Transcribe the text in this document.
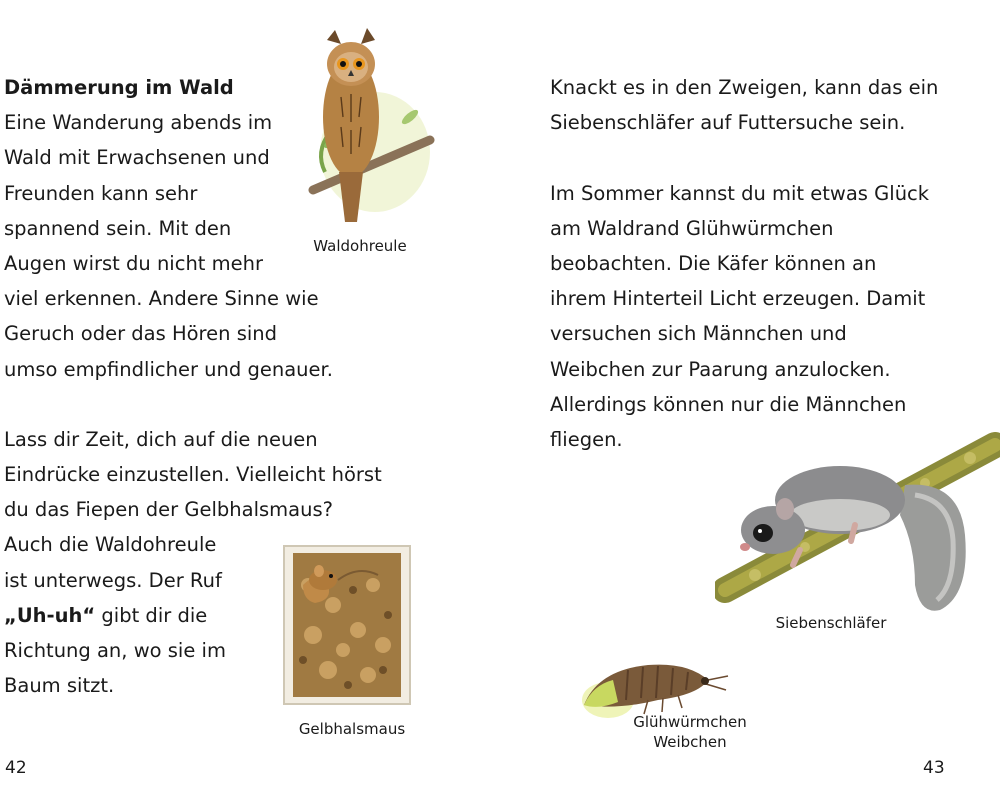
Dämmerung im Wald
Eine Wanderung abends im
Wald mit Erwachsenen und
Freunden kann sehr
spannend sein. Mit den
Augen wirst du nicht mehr
viel erkennen. Andere Sinne wie
Geruch oder das Hören sind
umso empfindlicher und genauer.
Lass dir Zeit, dich auf die neuen
Eindrücke einzustellen. Vielleicht hörst
du das Fiepen der Gelbhalsmaus?
Auch die Waldohreule
ist unterwegs. Der Ruf
„Uh-uh“ gibt dir die
Richtung an, wo sie im
Baum sitzt.
Waldohreule
Gelbhalsmaus
42
Knackt es in den Zweigen, kann das ein
Siebenschläfer auf Futtersuche sein.
Im Sommer kannst du mit etwas Glück
am Waldrand Glühwürmchen
beobachten. Die Käfer können an
ihrem Hinterteil Licht erzeugen. Damit
versuchen sich Männchen und
Weibchen zur Paarung anzulocken.
Allerdings können nur die Männchen
fliegen.
Siebenschläfer
Glühwürmchen
Weibchen
43
